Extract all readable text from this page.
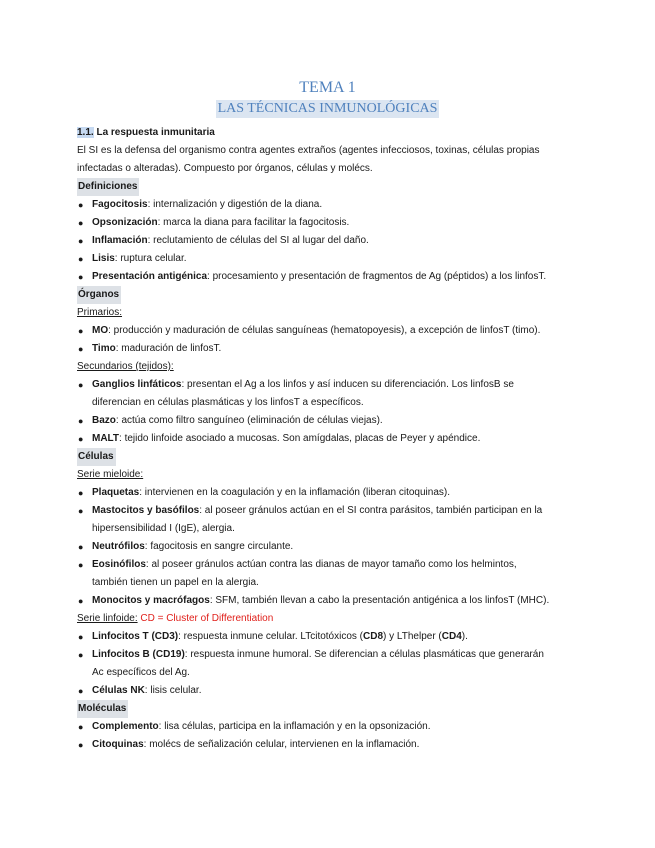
TEMA 1
LAS TÉCNICAS INMUNOLÓGICAS
1.1. La respuesta inmunitaria
El SI es la defensa del organismo contra agentes extraños (agentes infecciosos, toxinas, células propias
infectadas o alteradas). Compuesto por órganos, células y molécs.
Definiciones
● Fagocitosis: internalización y digestión de la diana.
● Opsonización: marca la diana para facilitar la fagocitosis.
● Inflamación: reclutamiento de células del SI al lugar del daño.
● Lisis: ruptura celular.
● Presentación antigénica: procesamiento y presentación de fragmentos de Ag (péptidos) a los linfosT.
Órganos
Primarios:
● MO: producción y maduración de células sanguíneas (hematopoyesis), a excepción de linfosT (timo).
● Timo: maduración de linfosT.
Secundarios (tejidos):
● Ganglios linfáticos: presentan el Ag a los linfos y así inducen su diferenciación. Los linfosB se
diferencian en células plasmáticas y los linfosT a específicos.
● Bazo: actúa como filtro sanguíneo (eliminación de células viejas).
● MALT: tejido linfoide asociado a mucosas. Son amígdalas, placas de Peyer y apéndice.
Células
Serie mieloide:
● Plaquetas: intervienen en la coagulación y en la inflamación (liberan citoquinas).
● Mastocitos y basófilos: al poseer gránulos actúan en el SI contra parásitos, también participan en la
hipersensibilidad I (IgE), alergia.
● Neutrófilos: fagocitosis en sangre circulante.
● Eosinófilos: al poseer gránulos actúan contra las dianas de mayor tamaño como los helmintos,
también tienen un papel en la alergia.
● Monocitos y macrófagos: SFM, también llevan a cabo la presentación antigénica a los linfosT (MHC).
Serie linfoide: CD = Cluster of Differentiation
● Linfocitos T (CD3): respuesta inmune celular. LTcitotóxicos (CD8) y LThelper (CD4).
● Linfocitos B (CD19): respuesta inmune humoral. Se diferencian a células plasmáticas que generarán
Ac específicos del Ag.
● Células NK: lisis celular.
Moléculas
● Complemento: lisa células, participa en la inflamación y en la opsonización.
● Citoquinas: molécs de señalización celular, intervienen en la inflamación.
